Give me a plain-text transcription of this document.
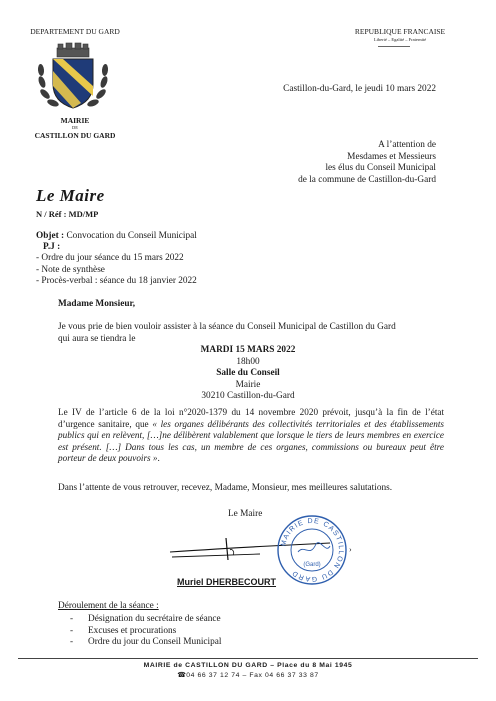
DEPARTEMENT DU GARD	REPUBLIQUE FRANCAISE
Liberté – Egalité – Fraternité
MAIRIE
DE
CASTILLON DU GARD
Castillon-du-Gard, le jeudi 10 mars 2022
A l’attention de
Mesdames et Messieurs
les élus du Conseil Municipal
de la commune de Castillon-du-Gard
Le Maire
N / Réf : MD/MP
Objet : Convocation du Conseil Municipal
P.J :
- Ordre du jour séance du 15 mars 2022
- Note de synthèse
- Procès-verbal : séance du 18 janvier 2022
Madame Monsieur,
Je vous prie de bien vouloir assister à la séance du Conseil Municipal de Castillon du Gard
qui aura se tiendra le
MARDI 15 MARS 2022
18h00
Salle du Conseil
Mairie
30210 Castillon-du-Gard
Le IV de l’article 6 de la loi n°2020-1379 du 14 novembre 2020 prévoit, jusqu’à la fin de l’état d’urgence sanitaire, que « les organes délibérants des collectivités territoriales et des établissements publics qui en relèvent, […]ne délibèrent valablement que lorsque le tiers de leurs membres en exercice est présent. […] Dans tous les cas, un membre de ces organes, commissions ou bureaux peut être porteur de deux pouvoirs ».
Dans l’attente de vous retrouver, recevez, Madame, Monsieur, mes meilleures salutations.
Le Maire
MAIRIE DE CASTILLON DU GARD
(Gard)
›
Muriel DHERBECOURT
Déroulement de la séance :
- Désignation du secrétaire de séance
- Excuses et procurations
- Ordre du jour du Conseil Municipal
MAIRIE de CASTILLON DU GARD – Place du 8 Mai 1945
☎04 66 37 12 74 – Fax 04 66 37 33 87
